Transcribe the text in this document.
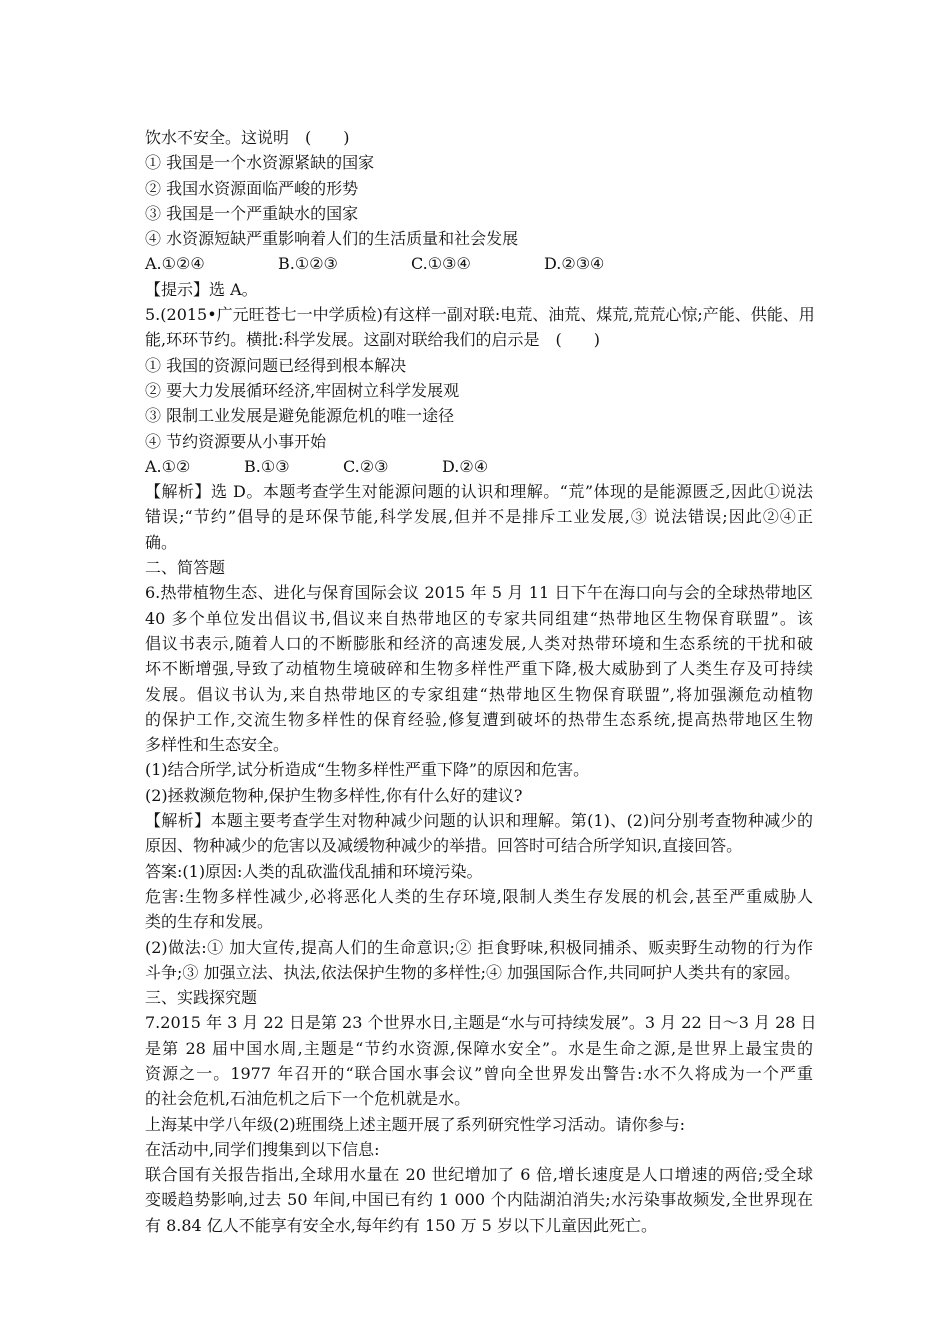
饮水不安全。这说明　(　　)
① 我国是一个水资源紧缺的国家
② 我国水资源面临严峻的形势
③ 我国是一个严重缺水的国家
④ 水资源短缺严重影响着人们的生活质量和社会发展
A.①②④	B.①②③	C.①③④	D.②③④
【提示】选 A。
5.(2015•广元旺苍七一中学质检)有这样一副对联:电荒、油荒、煤荒,荒荒心惊;产能、供能、用
能,环环节约。横批:科学发展。这副对联给我们的启示是　(　　)
① 我国的资源问题已经得到根本解决
② 要大力发展循环经济,牢固树立科学发展观
③ 限制工业发展是避免能源危机的唯一途径
④ 节约资源要从小事开始
A.①②	B.①③	C.②③	D.②④
【解析】选 D。本题考查学生对能源问题的认识和理解。“荒”体现的是能源匮乏,因此①说法
错误;“节约”倡导的是环保节能,科学发展,但并不是排斥工业发展,③ 说法错误;因此②④正
确。
二、简答题
6.热带植物生态、进化与保育国际会议 2015 年 5 月 11 日下午在海口向与会的全球热带地区
40 多个单位发出倡议书,倡议来自热带地区的专家共同组建“热带地区生物保育联盟”。该
倡议书表示,随着人口的不断膨胀和经济的高速发展,人类对热带环境和生态系统的干扰和破
坏不断增强,导致了动植物生境破碎和生物多样性严重下降,极大威胁到了人类生存及可持续
发展。倡议书认为,来自热带地区的专家组建“热带地区生物保育联盟”,将加强濒危动植物
的保护工作,交流生物多样性的保育经验,修复遭到破坏的热带生态系统,提高热带地区生物
多样性和生态安全。
(1)结合所学,试分析造成“生物多样性严重下降”的原因和危害。
(2)拯救濒危物种,保护生物多样性,你有什么好的建议?
【解析】本题主要考查学生对物种减少问题的认识和理解。第(1)、(2)问分别考查物种减少的
原因、物种减少的危害以及减缓物种减少的举措。回答时可结合所学知识,直接回答。
答案:(1)原因:人类的乱砍滥伐乱捕和环境污染。
危害:生物多样性减少,必将恶化人类的生存环境,限制人类生存发展的机会,甚至严重威胁人
类的生存和发展。
(2)做法:① 加大宣传,提高人们的生命意识;② 拒食野味,积极同捕杀、贩卖野生动物的行为作
斗争;③ 加强立法、执法,依法保护生物的多样性;④ 加强国际合作,共同呵护人类共有的家园。
三、实践探究题
7.2015 年 3 月 22 日是第 23 个世界水日,主题是“水与可持续发展”。3 月 22 日～3 月 28 日
是第 28 届中国水周,主题是“节约水资源,保障水安全”。水是生命之源,是世界上最宝贵的
资源之一。1977 年召开的“联合国水事会议”曾向全世界发出警告:水不久将成为一个严重
的社会危机,石油危机之后下一个危机就是水。
上海某中学八年级(2)班围绕上述主题开展了系列研究性学习活动。请你参与:
在活动中,同学们搜集到以下信息:
联合国有关报告指出,全球用水量在 20 世纪增加了 6 倍,增长速度是人口增速的两倍;受全球
变暖趋势影响,过去 50 年间,中国已有约 1 000 个内陆湖泊消失;水污染事故频发,全世界现在
有 8.84 亿人不能享有安全水,每年约有 150 万 5 岁以下儿童因此死亡。
